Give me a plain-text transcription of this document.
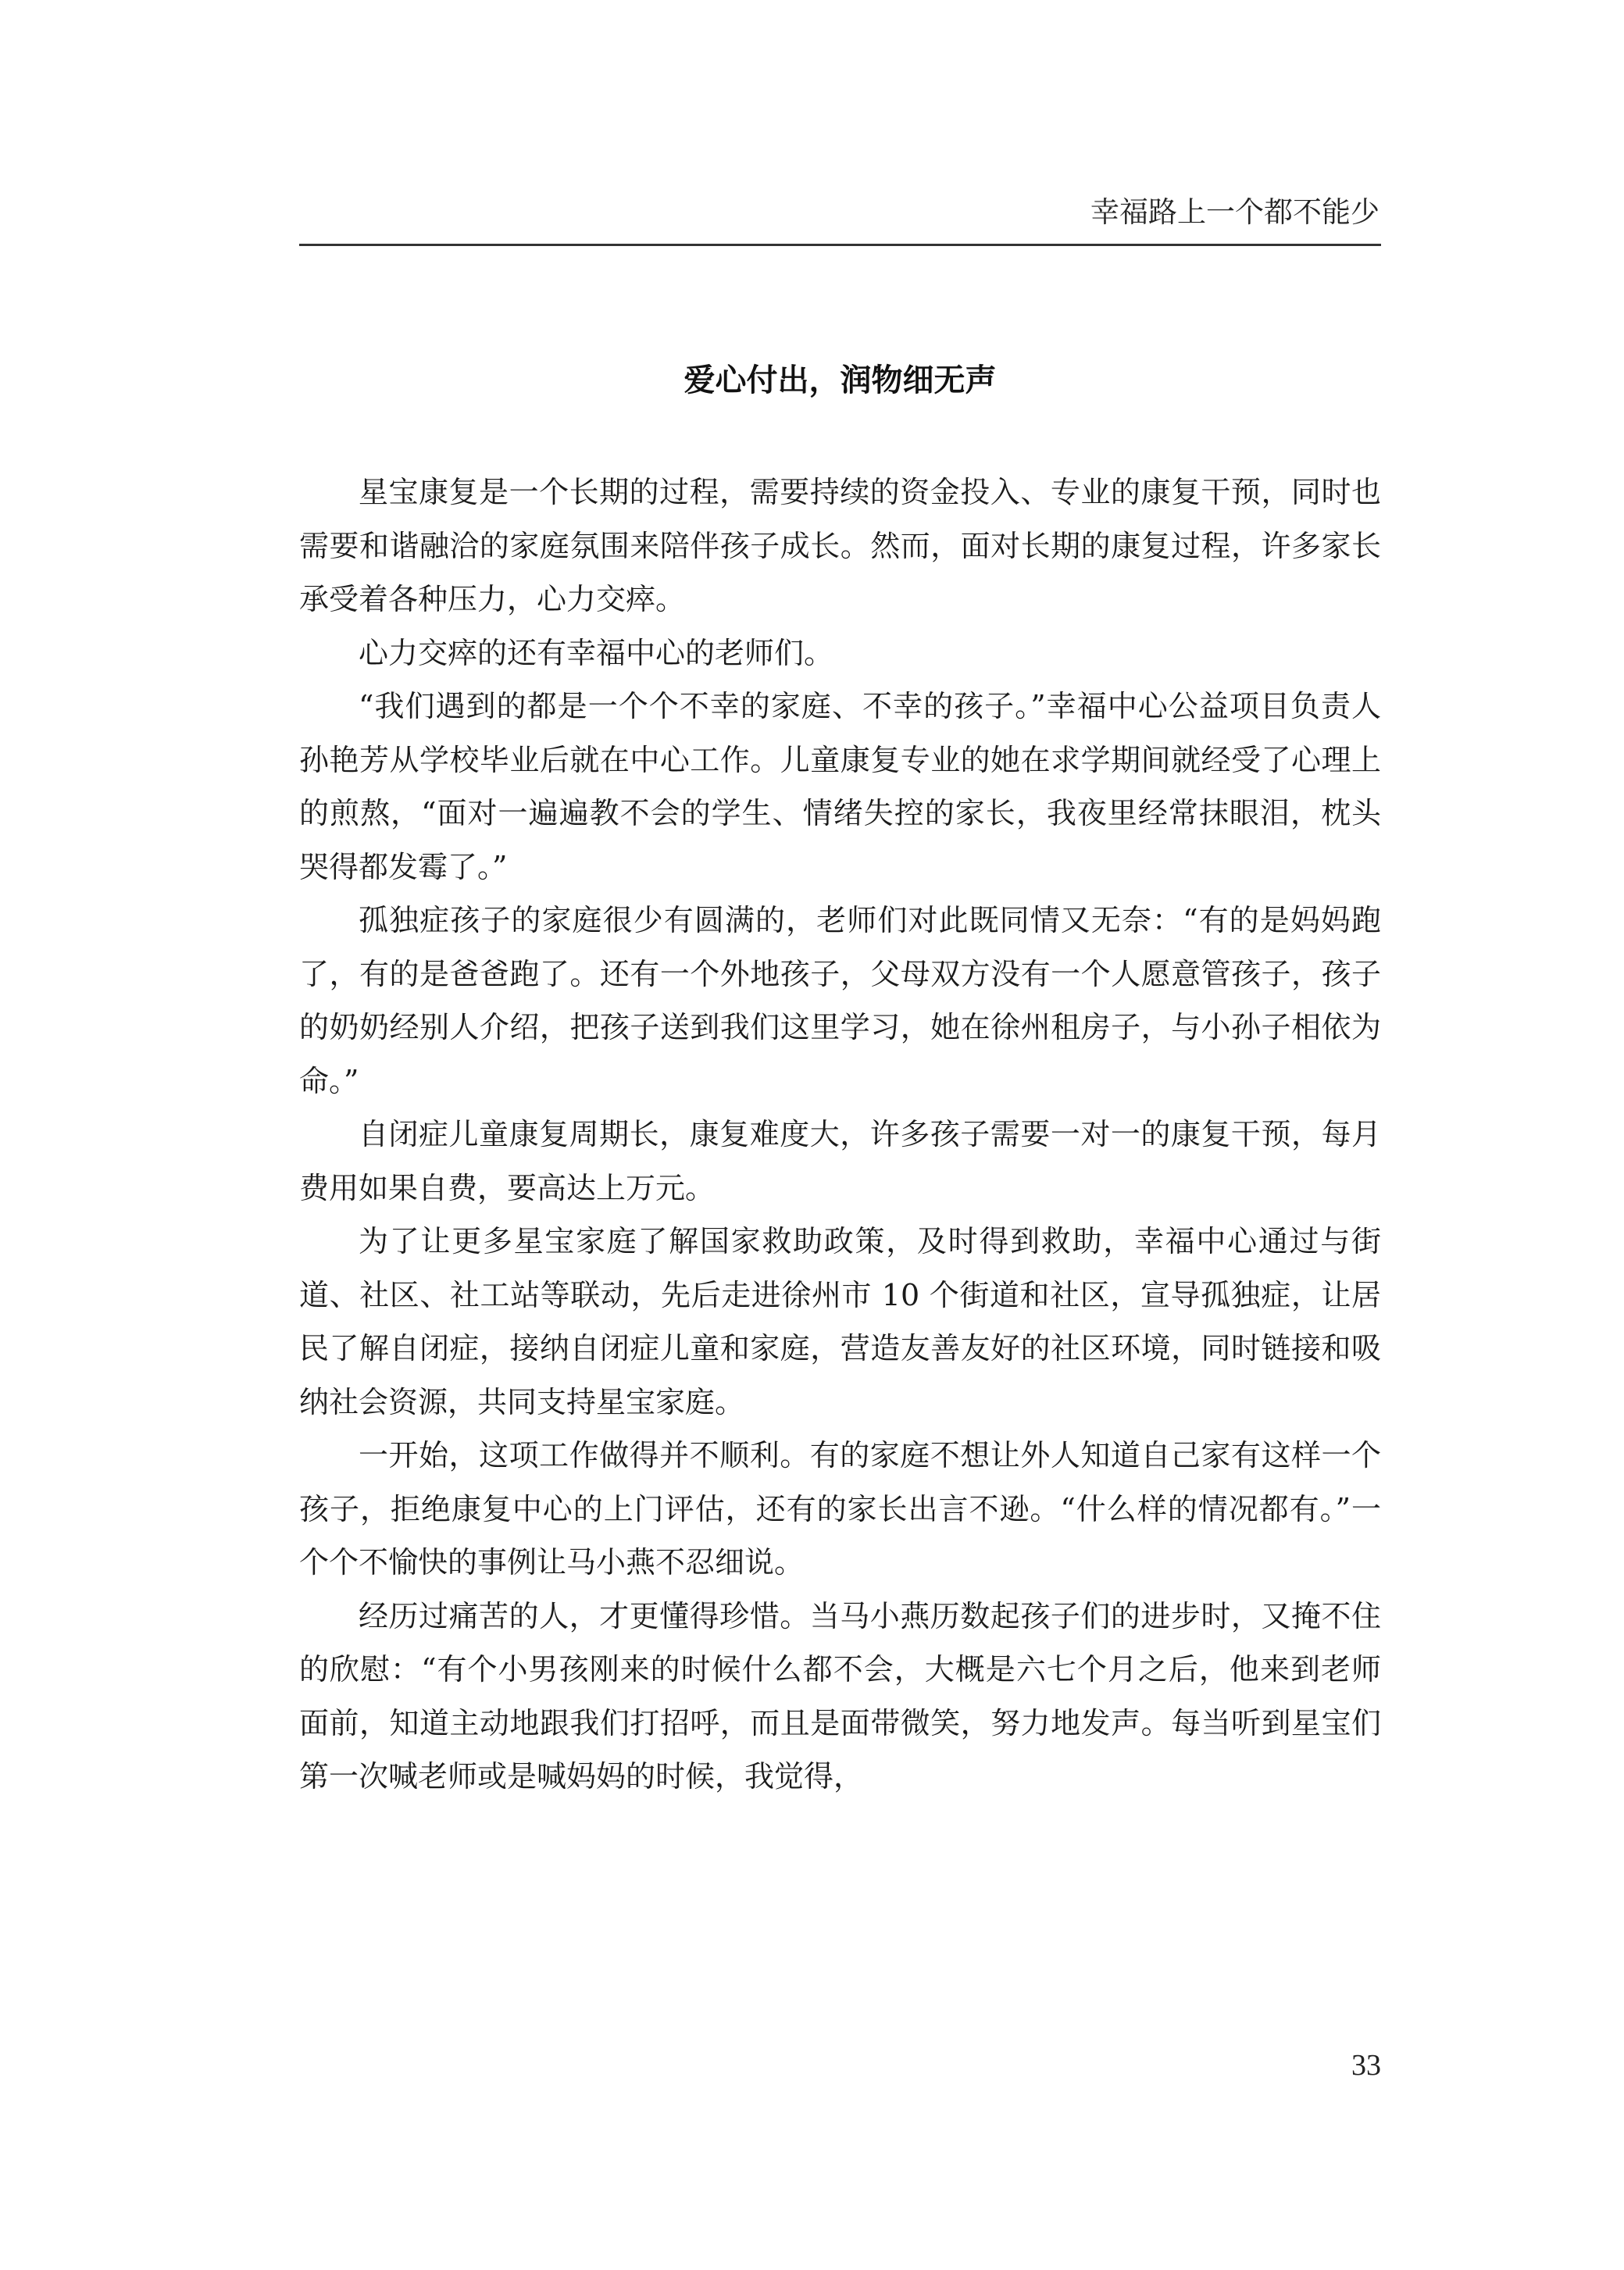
幸福路上一个都不能少
爱心付出，润物细无声

星宝康复是一个长期的过程，需要持续的资金投入、专业的康复干预，同时也需要和谐融洽的家庭氛围来陪伴孩子成长。然而，面对长期的康复过程，许多家长承受着各种压力，心力交瘁。

心力交瘁的还有幸福中心的老师们。

“我们遇到的都是一个个不幸的家庭、不幸的孩子。”幸福中心公益项目负责人孙艳芳从学校毕业后就在中心工作。儿童康复专业的她在求学期间就经受了心理上的煎熬，“面对一遍遍教不会的学生、情绪失控的家长，我夜里经常抹眼泪，枕头哭得都发霉了。”

孤独症孩子的家庭很少有圆满的，老师们对此既同情又无奈：“有的是妈妈跑了，有的是爸爸跑了。还有一个外地孩子，父母双方没有一个人愿意管孩子，孩子的奶奶经别人介绍，把孩子送到我们这里学习，她在徐州租房子，与小孙子相依为命。”

自闭症儿童康复周期长，康复难度大，许多孩子需要一对一的康复干预，每月费用如果自费，要高达上万元。

为了让更多星宝家庭了解国家救助政策，及时得到救助，幸福中心通过与街道、社区、社工站等联动，先后走进徐州市 10 个街道和社区，宣导孤独症，让居民了解自闭症，接纳自闭症儿童和家庭，营造友善友好的社区环境，同时链接和吸纳社会资源，共同支持星宝家庭。

一开始，这项工作做得并不顺利。有的家庭不想让外人知道自己家有这样一个孩子，拒绝康复中心的上门评估，还有的家长出言不逊。“什么样的情况都有。”一个个不愉快的事例让马小燕不忍细说。

经历过痛苦的人，才更懂得珍惜。当马小燕历数起孩子们的进步时，又掩不住的欣慰：“有个小男孩刚来的时候什么都不会，大概是六七个月之后，他来到老师面前，知道主动地跟我们打招呼，而且是面带微笑，努力地发声。每当听到星宝们第一次喊老师或是喊妈妈的时候，我觉得，

33
